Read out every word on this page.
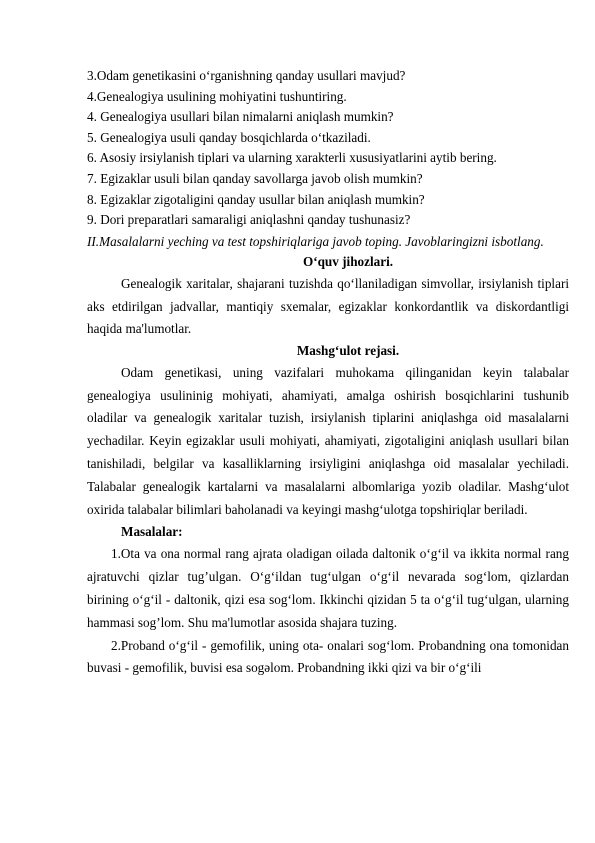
3.Odam genetikasini o‘rganishning qanday usullari mavjud?
4.Genealogiya usulining mohiyatini tushuntiring.
4. Genealogiya usullari bilan nimalarni aniqlash mumkin?
5. Genealogiya usuli qanday bosqichlarda o‘tkaziladi.
6. Asosiy irsiylanish tiplari va ularning xarakterli xususiyatlarini aytib bering.
7. Egizaklar usuli bilan qanday savollarga javob olish mumkin?
8. Egizaklar zigotaligini qanday usullar bilan aniqlash mumkin?
9. Dori preparatlari samaraligi aniqlashni qanday tushunasiz?
II.Masalalarni yeching va test topshiriqlariga javob toping. Javoblaringizni isbotlang.
O‘quv jihozlari.
Genealogik xaritalar, shajarani tuzishda qo‘llaniladigan simvollar, irsiylanish tiplari aks etdirilgan jadvallar, mantiqiy sxemalar, egizaklar konkordantlik va diskordantligi haqida ma'lumotlar.
Mashg‘ulot rejasi.
Odam genetikasi, uning vazifalari muhokama qilinganidan keyin talabalar genealogiya usulininig mohiyati, ahamiyati, amalga oshirish bosqichlarini tushunib oladilar va genealogik xaritalar tuzish, irsiylanish tiplarini aniqlashga oid masalalarni yechadilar. Keyin egizaklar usuli mohiyati, ahamiyati, zigotaligini aniqlash usullari bilan tanishiladi, belgilar va kasalliklarning irsiyligini aniqlashga oid masalalar yechiladi. Talabalar genealogik kartalarni va masalalarni albomlariga yozib oladilar. Mashg‘ulot oxirida talabalar bilimlari baholanadi va keyingi mashg‘ulotga topshiriqlar beriladi.
Masalalar:
1.Ota va ona normal rang ajrata oladigan oilada daltonik o‘g‘il va ikkita normal rang ajratuvchi qizlar tug’ulgan. O‘g‘ildan tug‘ulgan o‘g‘il nevarada sog‘lom, qizlardan birining o‘g‘il - daltonik, qizi esa sog‘lom. Ikkinchi qizidan 5 ta o‘g‘il tug‘ulgan, ularning hammasi sog’lom. Shu ma'lumotlar asosida shajara tuzing.
2.Proband o‘g‘il - gemofilik, uning ota- onalari sog‘lom. Probandning ona tomonidan buvasi - gemofilik, buvisi esa sogәlom. Probandning ikki qizi va bir o‘g‘ili
